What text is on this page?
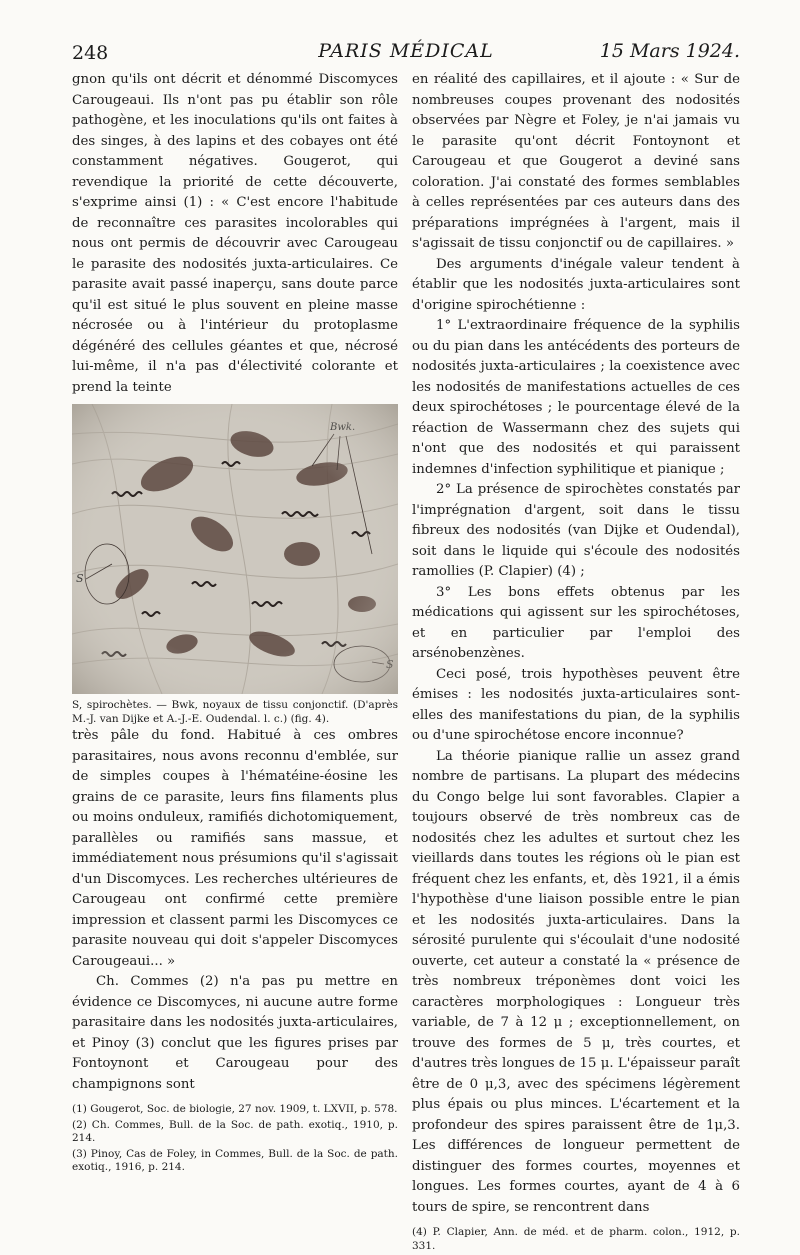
248	PARIS MÉDICAL	15 Mars 1924.

gnon qu'ils ont décrit et dénommé Discomyces Carougeaui. Ils n'ont pas pu établir son rôle pathogène, et les inoculations qu'ils ont faites à des singes, à des lapins et des cobayes ont été constamment négatives. Gougerot, qui revendique la priorité de cette découverte, s'exprime ainsi (1) : « C'est encore l'habitude de reconnaître ces parasites incolorables qui nous ont permis de découvrir avec Carougeau le parasite des nodosités juxta-articulaires. Ce parasite avait passé inaperçu, sans doute parce qu'il est situé le plus souvent en pleine masse nécrosée ou à l'intérieur du protoplasme dégénéré des cellules géantes et que, nécrosé lui-même, il n'a pas d'électivité colorante et prend la teinte

S, spirochètes. — Bwk, noyaux de tissu conjonctif. (D'après M.-J. van Dijke et A.-J.-E. Oudendal. l. c.) (fig. 4).

très pâle du fond. Habitué à ces ombres parasitaires, nous avons reconnu d'emblée, sur de simples coupes à l'hématéine-éosine les grains de ce parasite, leurs fins filaments plus ou moins onduleux, ramifiés dichotomiquement, parallèles ou ramifiés sans massue, et immédiatement nous présumions qu'il s'agissait d'un Discomyces. Les recherches ultérieures de Carougeau ont confirmé cette première impression et classent parmi les Discomyces ce parasite nouveau qui doit s'appeler Discomyces Carougeaui... »

Ch. Commes (2) n'a pas pu mettre en évidence ce Discomyces, ni aucune autre forme parasitaire dans les nodosités juxta-articulaires, et Pinoy (3) conclut que les figures prises par Fontoynont et Carougeau pour des champignons sont

(1) Gougerot, Soc. de biologie, 27 nov. 1909, t. LXVII, p. 578.

(2) Ch. Commes, Bull. de la Soc. de path. exotiq., 1910, p. 214.

(3) Pinoy, Cas de Foley, in Commes, Bull. de la Soc. de path. exotiq., 1916, p. 214.

en réalité des capillaires, et il ajoute : « Sur de nombreuses coupes provenant des nodosités observées par Nègre et Foley, je n'ai jamais vu le parasite qu'ont décrit Fontoynont et Carougeau et que Gougerot a deviné sans coloration. J'ai constaté des formes semblables à celles représentées par ces auteurs dans des préparations imprégnées à l'argent, mais il s'agissait de tissu conjonctif ou de capillaires. »

Des arguments d'inégale valeur tendent à établir que les nodosités juxta-articulaires sont d'origine spirochétienne :

1° L'extraordinaire fréquence de la syphilis ou du pian dans les antécédents des porteurs de nodosités juxta-articulaires ; la coexistence avec les nodosités de manifestations actuelles de ces deux spirochétoses ; le pourcentage élevé de la réaction de Wassermann chez des sujets qui n'ont que des nodosités et qui paraissent indemnes d'infection syphilitique et pianique ;

2° La présence de spirochètes constatés par l'imprégnation d'argent, soit dans le tissu fibreux des nodosités (van Dijke et Oudendal), soit dans le liquide qui s'écoule des nodosités ramollies (P. Clapier) (4) ;

3° Les bons effets obtenus par les médications qui agissent sur les spirochétoses, et en particulier par l'emploi des arsénobenzènes.

Ceci posé, trois hypothèses peuvent être émises : les nodosités juxta-articulaires sont-elles des manifestations du pian, de la syphilis ou d'une spirochétose encore inconnue?

La théorie pianique rallie un assez grand nombre de partisans. La plupart des médecins du Congo belge lui sont favorables. Clapier a toujours observé de très nombreux cas de nodosités chez les adultes et surtout chez les vieillards dans toutes les régions où le pian est fréquent chez les enfants, et, dès 1921, il a émis l'hypothèse d'une liaison possible entre le pian et les nodosités juxta-articulaires. Dans la sérosité purulente qui s'écoulait d'une nodosité ouverte, cet auteur a constaté la « présence de très nombreux tréponèmes dont voici les caractères morphologiques : Longueur très variable, de 7 à 12 μ ; exceptionnellement, on trouve des formes de 5 μ, très courtes, et d'autres très longues de 15 μ. L'épaisseur paraît être de 0 μ,3, avec des spécimens légèrement plus épais ou plus minces. L'écartement et la profondeur des spires paraissent être de 1μ,3. Les différences de longueur permettent de distinguer des formes courtes, moyennes et longues. Les formes courtes, ayant de 4 à 6 tours de spire, se rencontrent dans

(4) P. Clapier, Ann. de méd. et de pharm. colon., 1912, p. 331.
